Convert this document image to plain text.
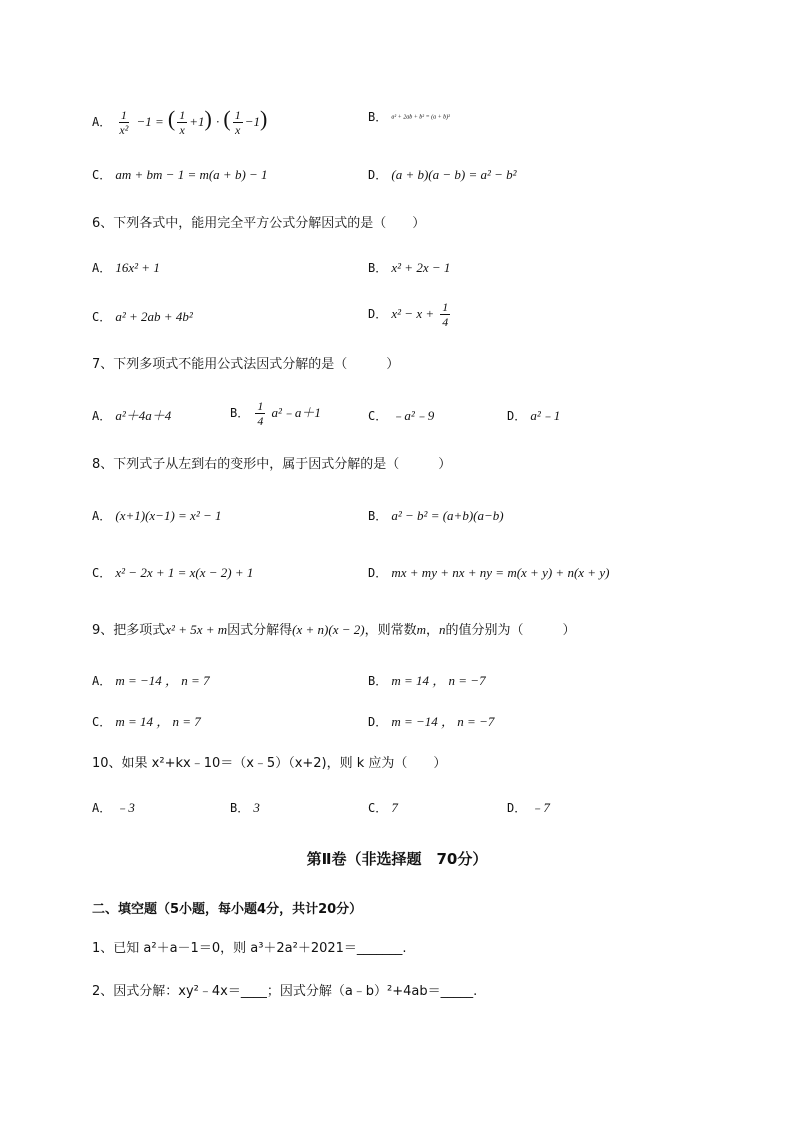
A． $\frac{1}{\text{x²}} -1$ = ( $\frac{1}{x} +1$) · ( $\frac{1}{x} -1$)	B． a² + 2ab + b² = (a + b)²
C． am + bm − 1 = m(a + b) − 1	D． (a + b)(a − b) = a² − b²
6、下列各式中，能用完全平方公式分解因式的是（　　）
A． 16x² + 1	B． x² + 2x − 1
C． a² + 2ab + 4b²	D． $x^2 - x + \frac{1}{4}$
7、下列多项式不能用公式法因式分解的是（　　　）
A． a²＋4a＋4	B． $\frac{1}{4}$ a²﹣a＋1	C． ﹣a²﹣9	D． a²﹣1
8、下列式子从左到右的变形中，属于因式分解的是（　　　）
A． (x+1)(x−1) = x² − 1	B． a² − b² = (a+b)(a−b)
C． x² − 2x + 1 = x(x − 2) + 1	D． mx + my + nx + ny = m(x + y) + n(x + y)
9、把多项式x² + 5x + m因式分解得(x + n)(x − 2)，则常数m，n的值分别为（　　　）
A． m = −14 ， n = 7	B． m = 14 ， n = −7
C． m = 14 ， n = 7	D． m = −14 ， n = −7
10、如果 x²+kx﹣10＝（x﹣5）（x+2)，则 k 应为（　　）
A． ﹣3	B． 3	C． 7	D． ﹣7
第Ⅱ卷（非选择题　70分）
二、填空题（5小题，每小题4分，共计20分）
1、已知 a²＋a－1＝0，则 a³＋2a²＋2021＝_______.
2、因式分解：xy²﹣4x＝____；因式分解（a﹣b）²+4ab＝_____.
